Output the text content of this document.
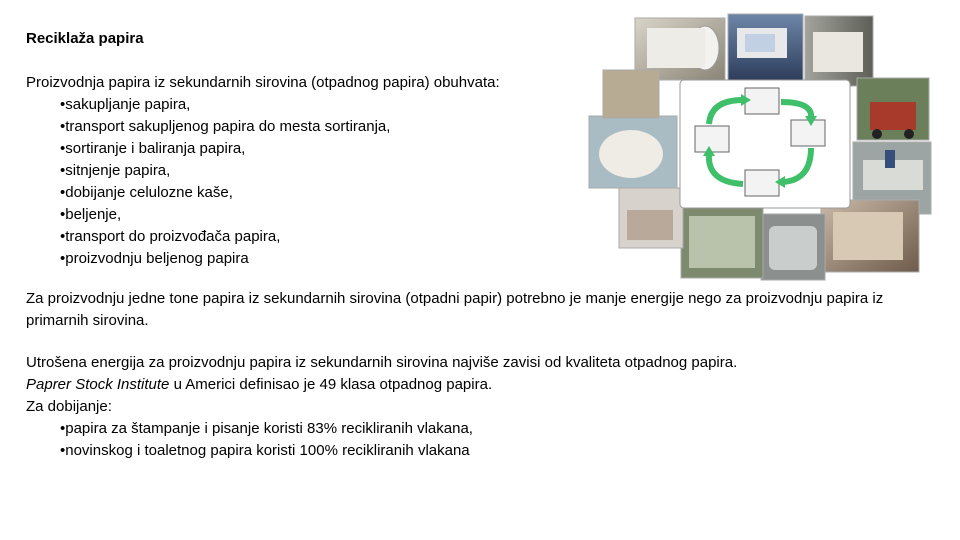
Reciklaža papira
Proizvodnja papira iz sekundarnih sirovina (otpadnog papira) obuhvata:
•sakupljanje papira,
•transport sakupljenog papira do mesta sortiranja,
•sortiranje i baliranja papira,
•sitnjenje papira,
•dobijanje celulozne kaše,
•beljenje,
•transport do proizvođača papira,
•proizvodnju beljenog papira
Za proizvodnju jedne tone papira iz sekundarnih sirovina (otpadni papir) potrebno je manje energije nego za proizvodnju papira iz primarnih sirovina.
Utrošena energija za proizvodnju papira iz sekundarnih sirovina najviše zavisi od kvaliteta otpadnog papira.
Paprer Stock Institute u Americi definisao je 49 klasa otpadnog papira.
Za dobijanje:
•papira za štampanje i pisanje koristi 83% recikliranih vlakana,
•novinskog i toaletnog papira koristi 100% recikliranih vlakana
